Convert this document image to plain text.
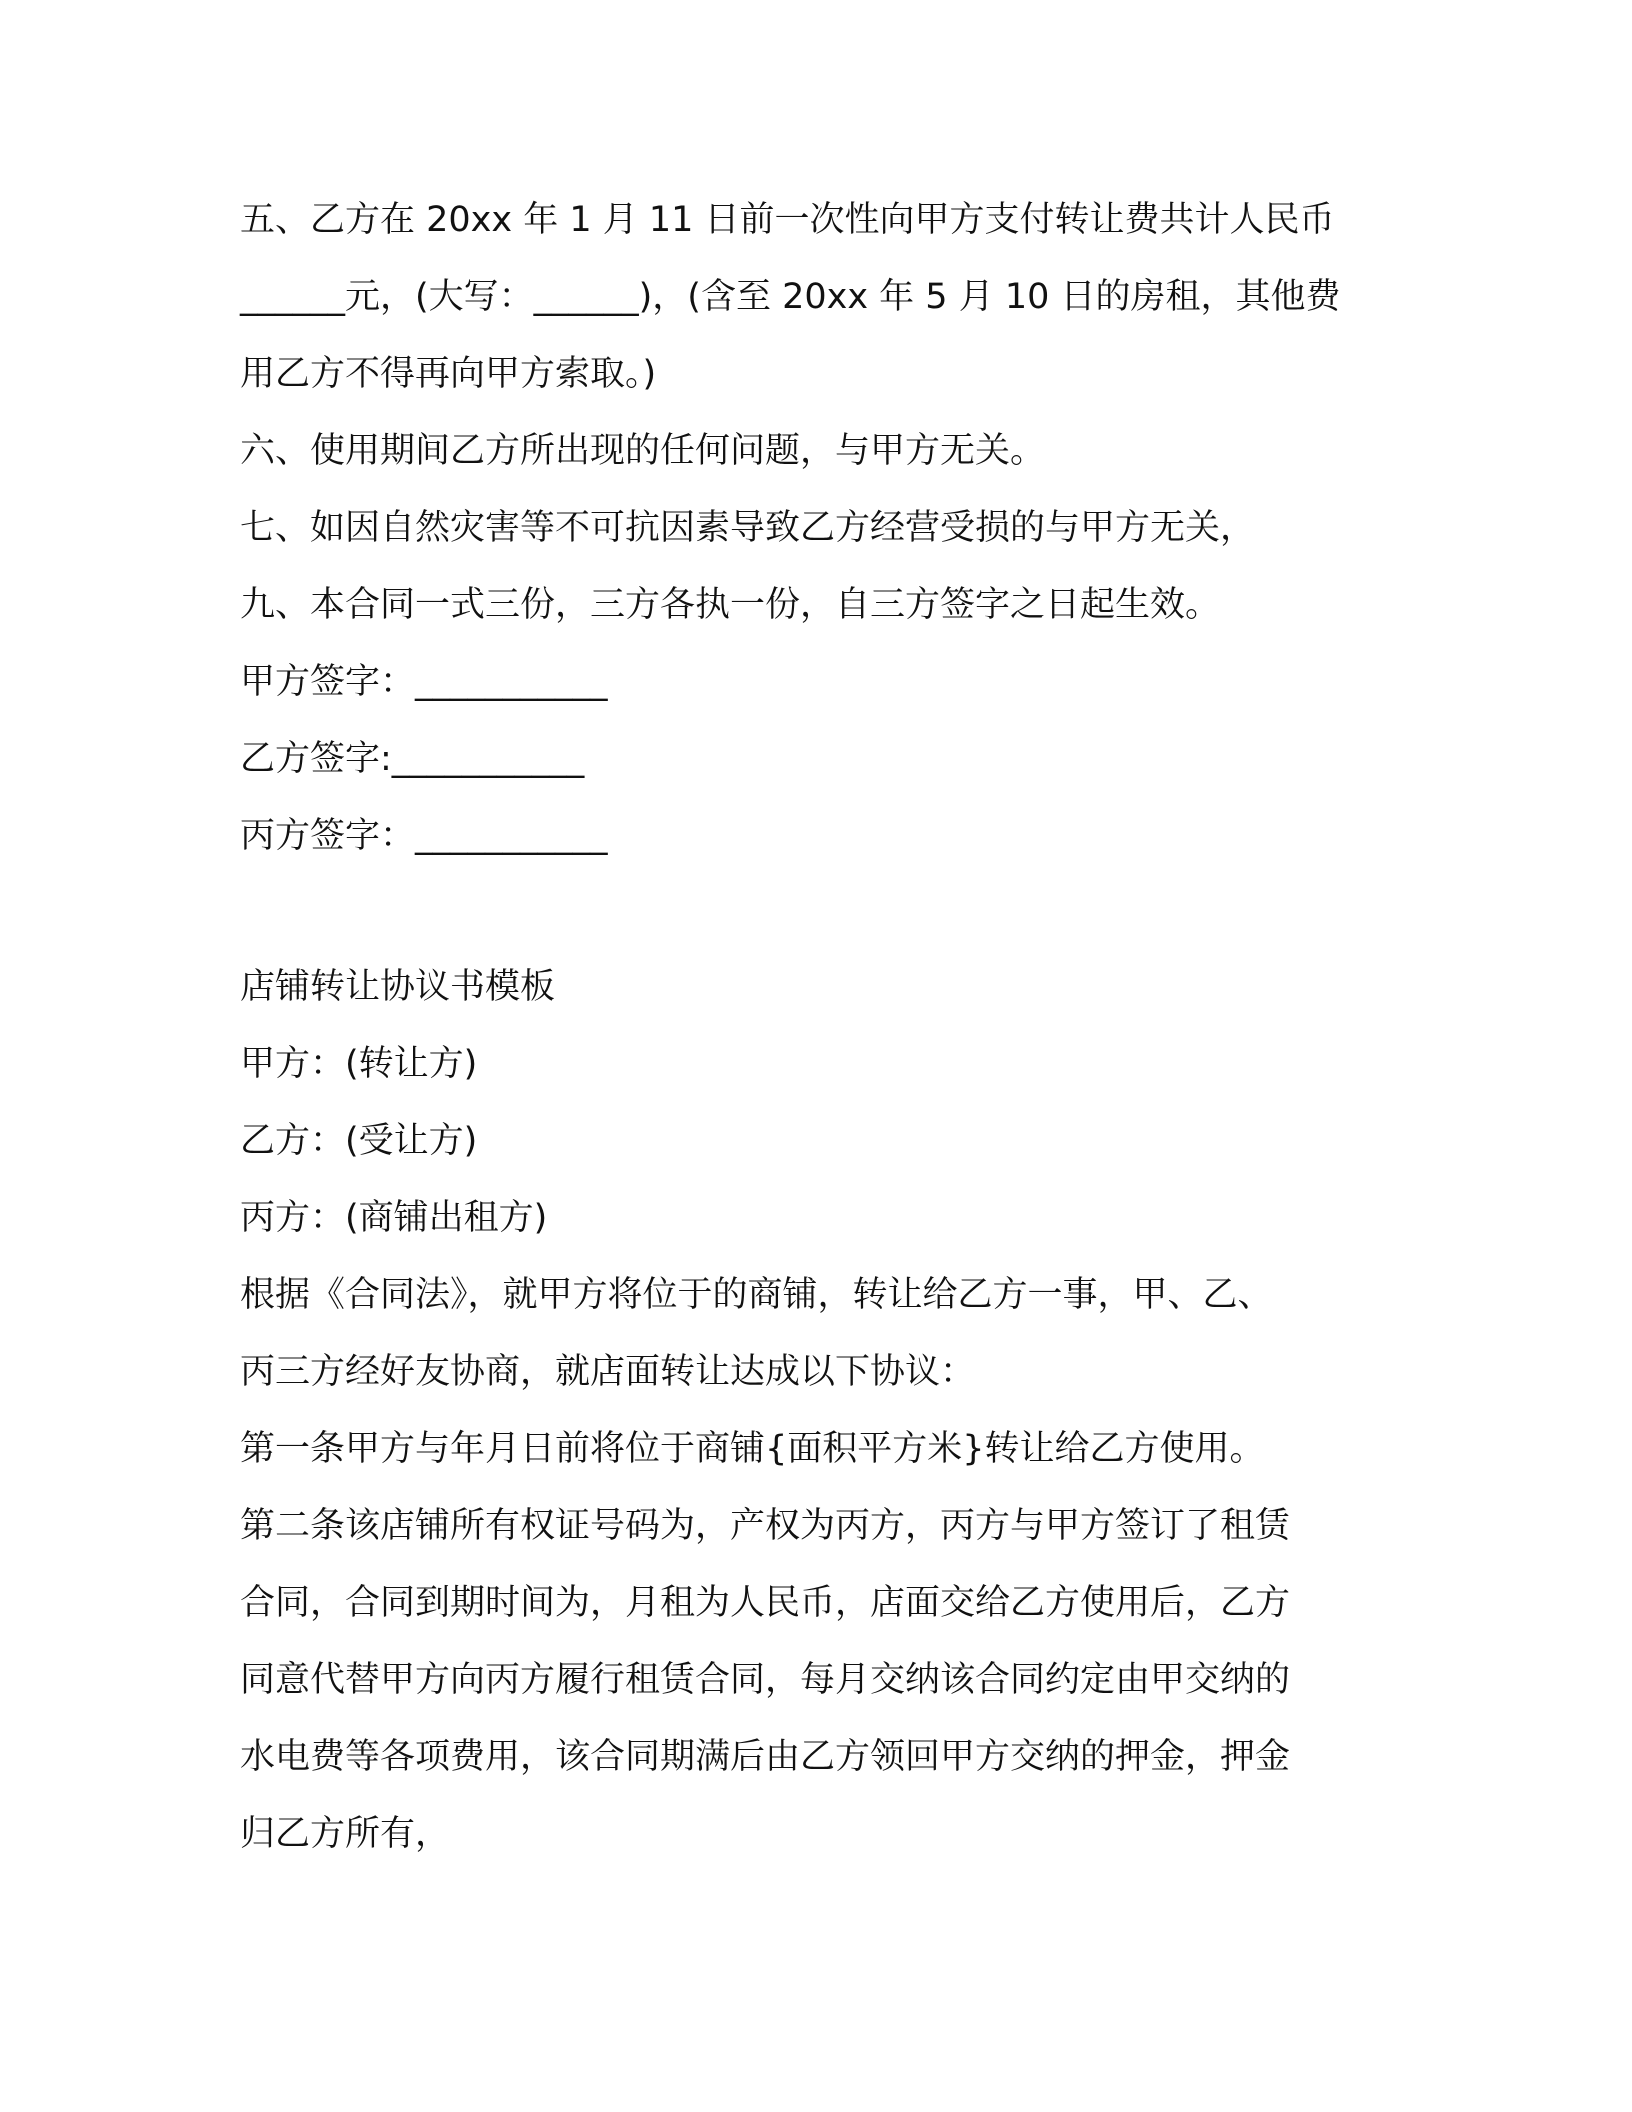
五、乙方在 20xx 年 1 月 11 日前一次性向甲方支付转让费共计人民币
______元，(大写：______)，(含至 20xx 年 5 月 10 日的房租，其他费
用乙方不得再向甲方索取。)
六、使用期间乙方所出现的任何问题，与甲方无关。
七、如因自然灾害等不可抗因素导致乙方经营受损的与甲方无关，
九、本合同一式三份，三方各执一份，自三方签字之日起生效。
甲方签字：___________
乙方签字:___________
丙方签字：___________
店铺转让协议书模板
甲方：(转让方)
乙方：(受让方)
丙方：(商铺出租方)
根据《合同法》，就甲方将位于的商铺，转让给乙方一事，甲、乙、
丙三方经好友协商，就店面转让达成以下协议：
第一条甲方与年月日前将位于商铺{面积平方米}转让给乙方使用。
第二条该店铺所有权证号码为，产权为丙方，丙方与甲方签订了租赁
合同，合同到期时间为，月租为人民币，店面交给乙方使用后，乙方
同意代替甲方向丙方履行租赁合同，每月交纳该合同约定由甲交纳的
水电费等各项费用，该合同期满后由乙方领回甲方交纳的押金，押金
归乙方所有，
